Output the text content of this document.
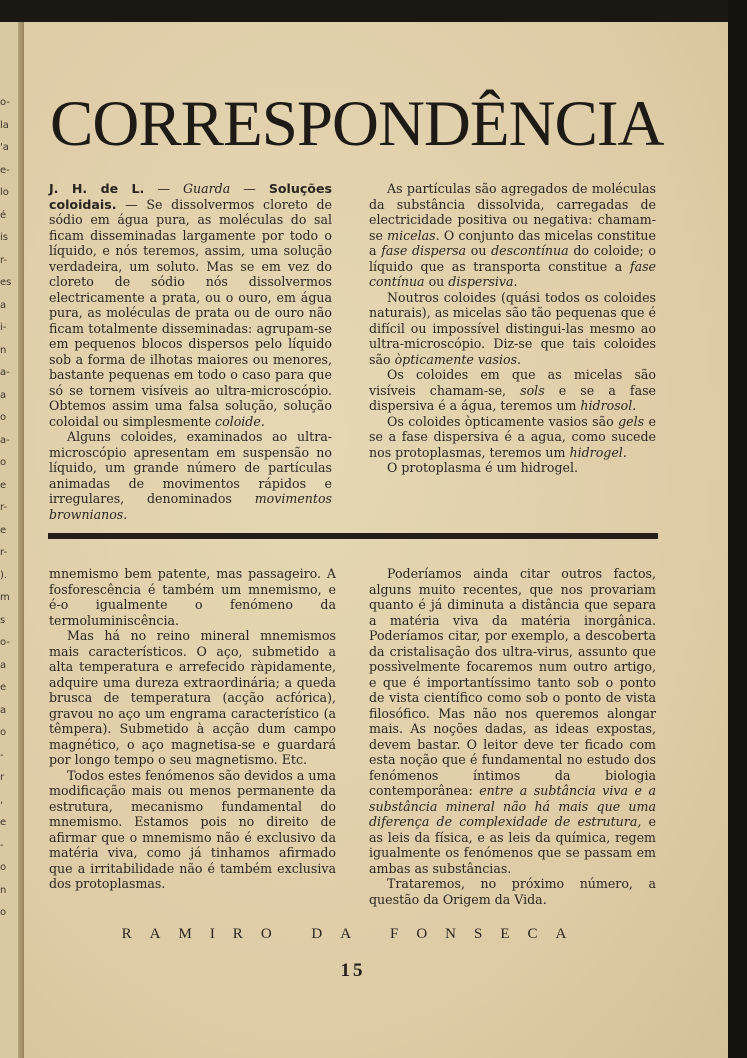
o-
la
'a
e-
lo
é
is
r-
es
a
i-
n
a-
a
o
a-
o
e
r-
e
r-
).
m
s
o-
a
e
a
o
-
r
,
e
-
o
n
o
CORRESPONDÊNCIA

J. H. de L. — Guarda — Soluções coloidais. — Se dissolvermos cloreto de sódio em água pura, as moléculas do sal ficam disseminadas largamente por todo o líquido, e nós teremos, assim, uma solução verdadeira, um soluto. Mas se em vez do cloreto de sódio nós dissolvermos electricamente a prata, ou o ouro, em água pura, as moléculas de prata ou de ouro não ficam totalmente disseminadas: agrupam-se em pequenos blocos dispersos pelo líquido sob a forma de ilhotas maiores ou menores, bastante pequenas em todo o caso para que só se tornem visíveis ao ultra-microscópio. Obtemos assim uma falsa solução, solução coloidal ou simplesmente coloide.

Alguns coloides, examinados ao ultra-microscópio apresentam em suspensão no líquido, um grande número de partículas animadas de movimentos rápidos e irregulares, denominados movimentos brownianos.

As partículas são agregados de moléculas da substância dissolvida, carregadas de electricidade positiva ou negativa: chamam-se micelas. O conjunto das micelas constitue a fase dispersa ou descontínua do coloide; o líquido que as transporta constitue a fase contínua ou dispersiva.

Noutros coloides (quási todos os coloides naturais), as micelas são tão pequenas que é difícil ou impossível distingui-las mesmo ao ultra-microscópio. Diz-se que tais coloides são òpticamente vasios.

Os coloides em que as micelas são visíveis chamam-se, sols e se a fase dispersiva é a água, teremos um hidrosol.

Os coloides òpticamente vasios são gels e se a fase dispersiva é a agua, como sucede nos protoplasmas, teremos um hidrogel.

O protoplasma é um hidrogel.

mnemismo bem patente, mas passageiro. A fosforescência é também um mnemismo, e é-o igualmente o fenómeno da termoluminiscência.

Mas há no reino mineral mnemismos mais característicos. O aço, submetido a alta temperatura e arrefecido ràpidamente, adquire uma dureza extraordinária; a queda brusca de temperatura (acção acfórica), gravou no aço um engrama característico (a têmpera). Submetido à acção dum campo magnético, o aço magnetisa-se e guardará por longo tempo o seu magnetismo. Etc.

Todos estes fenómenos são devidos a uma modificação mais ou menos permanente da estrutura, mecanismo fundamental do mnemismo. Estamos pois no direito de afirmar que o mnemismo não é exclusivo da matéria viva, como já tinhamos afirmado que a irritabilidade não é também exclusiva dos protoplasmas.

Poderíamos ainda citar outros factos, alguns muito recentes, que nos provariam quanto é já diminuta a distância que separa a matéria viva da matéria inorgânica. Poderíamos citar, por exemplo, a descoberta da cristalisação dos ultra-virus, assunto que possìvelmente focaremos num outro artigo, e que é importantíssimo tanto sob o ponto de vista científico como sob o ponto de vista filosófico. Mas não nos queremos alongar mais. As noções dadas, as ideas expostas, devem bastar. O leitor deve ter ficado com esta noção que é fundamental no estudo dos fenómenos íntimos da biologia contemporânea: entre a subtância viva e a substância mineral não há mais que uma diferença de complexidade de estrutura, e as leis da física, e as leis da química, regem igualmente os fenómenos que se passam em ambas as substâncias.

Trataremos, no próximo número, a questão da Origem da Vida.

RAMIRO DA FONSECA

15
